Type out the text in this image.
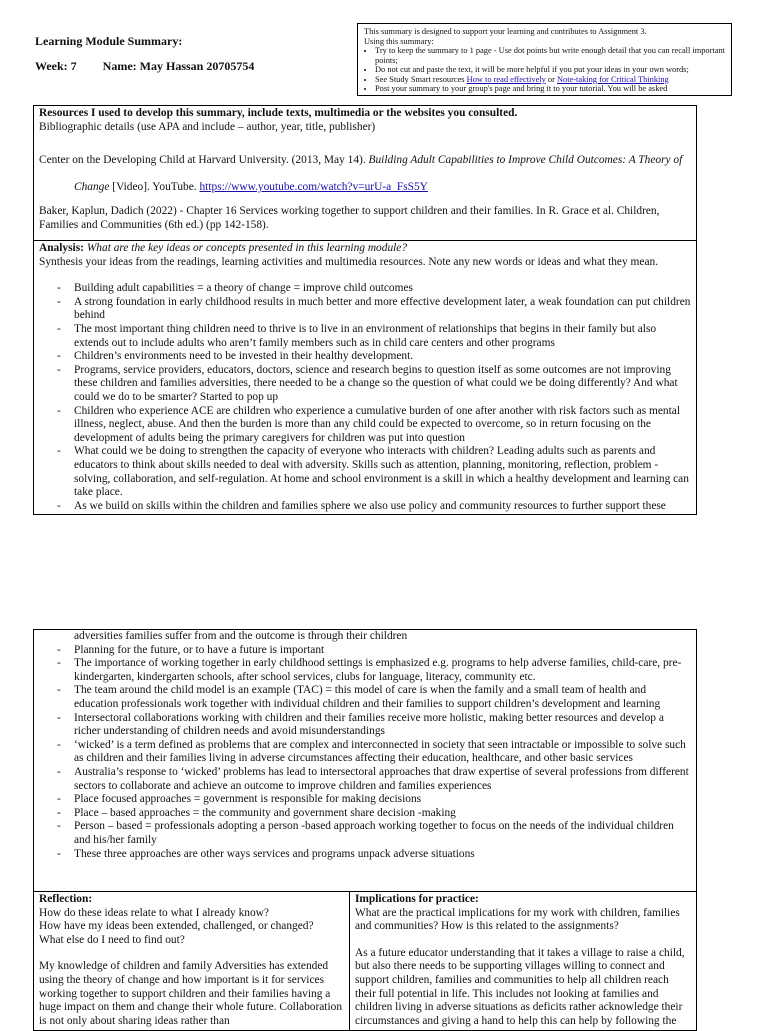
Learning Module Summary:
Week: 7 Name: May Hassan 20705754
This summary is designed to support your learning and contributes to Assignment 3.
Using this summary:
• Try to keep the summary to 1 page - Use dot points but write enough detail that you can recall important points;
• Do not cut and paste the text, it will be more helpful if you put your ideas in your own words;
• See Study Smart resources How to read effectively or Note-taking for Critical Thinking
• Post your summary to your group's page and bring it to your tutorial. You will be asked

Resources I used to develop this summary, include texts, multimedia or the websites you consulted.

Bibliographic details (use APA and include – author, year, title, publisher)

Center on the Developing Child at Harvard University. (2013, May 14). Building Adult Capabilities to Improve Child Outcomes: A Theory of Change [Video]. YouTube. https://www.youtube.com/watch?v=urU-a_FsS5Y

Baker, Kaplun, Dadich (2022) - Chapter 16 Services working together to support children and their families. In R. Grace et al. Children, Families and Communities (6th ed.) (pp 142-158).

Analysis: What are the key ideas or concepts presented in this learning module?

Synthesis your ideas from the readings, learning activities and multimedia resources. Note any new words or ideas and what they mean.

- Building adult capabilities = a theory of change = improve child outcomes
- A strong foundation in early childhood results in much better and more effective development later, a weak foundation can put children behind
- The most important thing children need to thrive is to live in an environment of relationships that begins in their family but also extends out to include adults who aren’t family members such as in child care centers and other programs
- Children’s environments need to be invested in their healthy development.
- Programs, service providers, educators, doctors, science and research begins to question itself as some outcomes are not improving these children and families adversities, there needed to be a change so the question of what could we be doing differently? And what could we do to be smarter? Started to pop up
- Children who experience ACE are children who experience a cumulative burden of one after another with risk factors such as mental illness, neglect, abuse. And then the burden is more than any child could be expected to overcome, so in return focusing on the development of adults being the primary caregivers for children was put into question
- What could we be doing to strengthen the capacity of everyone who interacts with children? Leading adults such as parents and educators to think about skills needed to deal with adversity. Skills such as attention, planning, monitoring, reflection, problem -solving, collaboration, and self-regulation. At home and school environment is a skill in which a healthy development and learning can take place.
- As we build on skills within the children and families sphere we also use policy and community resources to further support these

adversities families suffer from and the outcome is through their children

- Planning for the future, or to have a future is important
- The importance of working together in early childhood settings is emphasized e.g. programs to help adverse families, child-care, pre- kindergarten, kindergarten schools, after school services, clubs for language, literacy, community etc.
- The team around the child model is an example (TAC) = this model of care is when the family and a small team of health and education professionals work together with individual children and their families to support children’s development and learning
- Intersectoral collaborations working with children and their families receive more holistic, making better resources and develop a richer understanding of children needs and avoid misunderstandings
- ‘wicked’ is a term defined as problems that are complex and interconnected in society that seen intractable or impossible to solve such as children and their families living in adverse circumstances affecting their education, healthcare, and other basic services
- Australia’s response to ‘wicked’ problems has lead to intersectoral approaches that draw expertise of several professions from different sectors to collaborate and achieve an outcome to improve children and families experiences
- Place focused approaches = government is responsible for making decisions
- Place – based approaches = the community and government share decision -making
- Person – based = professionals adopting a person -based approach working together to focus on the needs of the individual children and his/her family
- These three approaches are other ways services and programs unpack adverse situations

Reflection:

How do these ideas relate to what I already know?

How have my ideas been extended, challenged, or changed?

What else do I need to find out?

My knowledge of children and family Adversities has extended using the theory of change and how important is it for services working together to support children and their families having a huge impact on them and change their whole future. Collaboration is not only about sharing ideas rather than

Implications for practice:

What are the practical implications for my work with children, families and communities? How is this related to the assignments?

As a future educator understanding that it takes a village to raise a child, but also there needs to be supporting villages willing to connect and support children, families and communities to help all children reach their full potential in life. This includes not looking at families and children living in adverse situations as deficits rather acknowledge their circumstances and giving a hand to help this can help by following the
